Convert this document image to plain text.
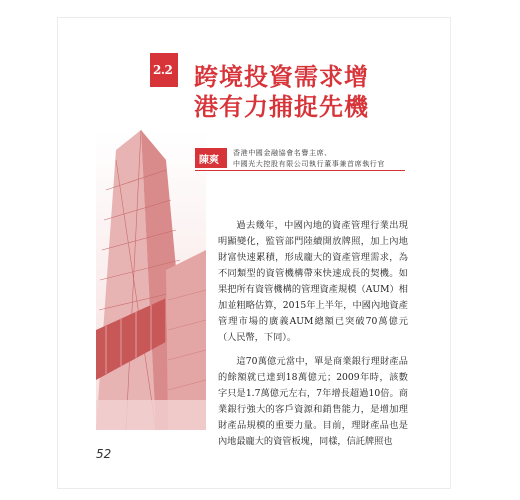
2.2 跨境投資需求增
港有力捕捉先機
陳爽
香港中國金融協會名譽主席、
中國光大控股有限公司執行董事兼首席執行官

過去幾年，中國內地的資產管理行業出現明顯變化，監管部門陸續開放牌照，加上內地財富快速累積，形成龐大的資產管理需求，為不同類型的資管機構帶來快速成長的契機。如果把所有資管機構的管理資產規模（AUM）相加並粗略估算，2015年上半年，中國內地資產管理市場的廣義AUM總額已突破70萬億元（人民幣，下同）。

這70萬億元當中，單是商業銀行理財產品的餘額就已達到18萬億元；2009年時，該數字只是1.7萬億元左右，7年增長超過10倍。商業銀行強大的客戶資源和銷售能力，是增加理財產品規模的重要力量。目前，理財產品也是內地最龐大的資管板塊，同樣，信託牌照也

52
